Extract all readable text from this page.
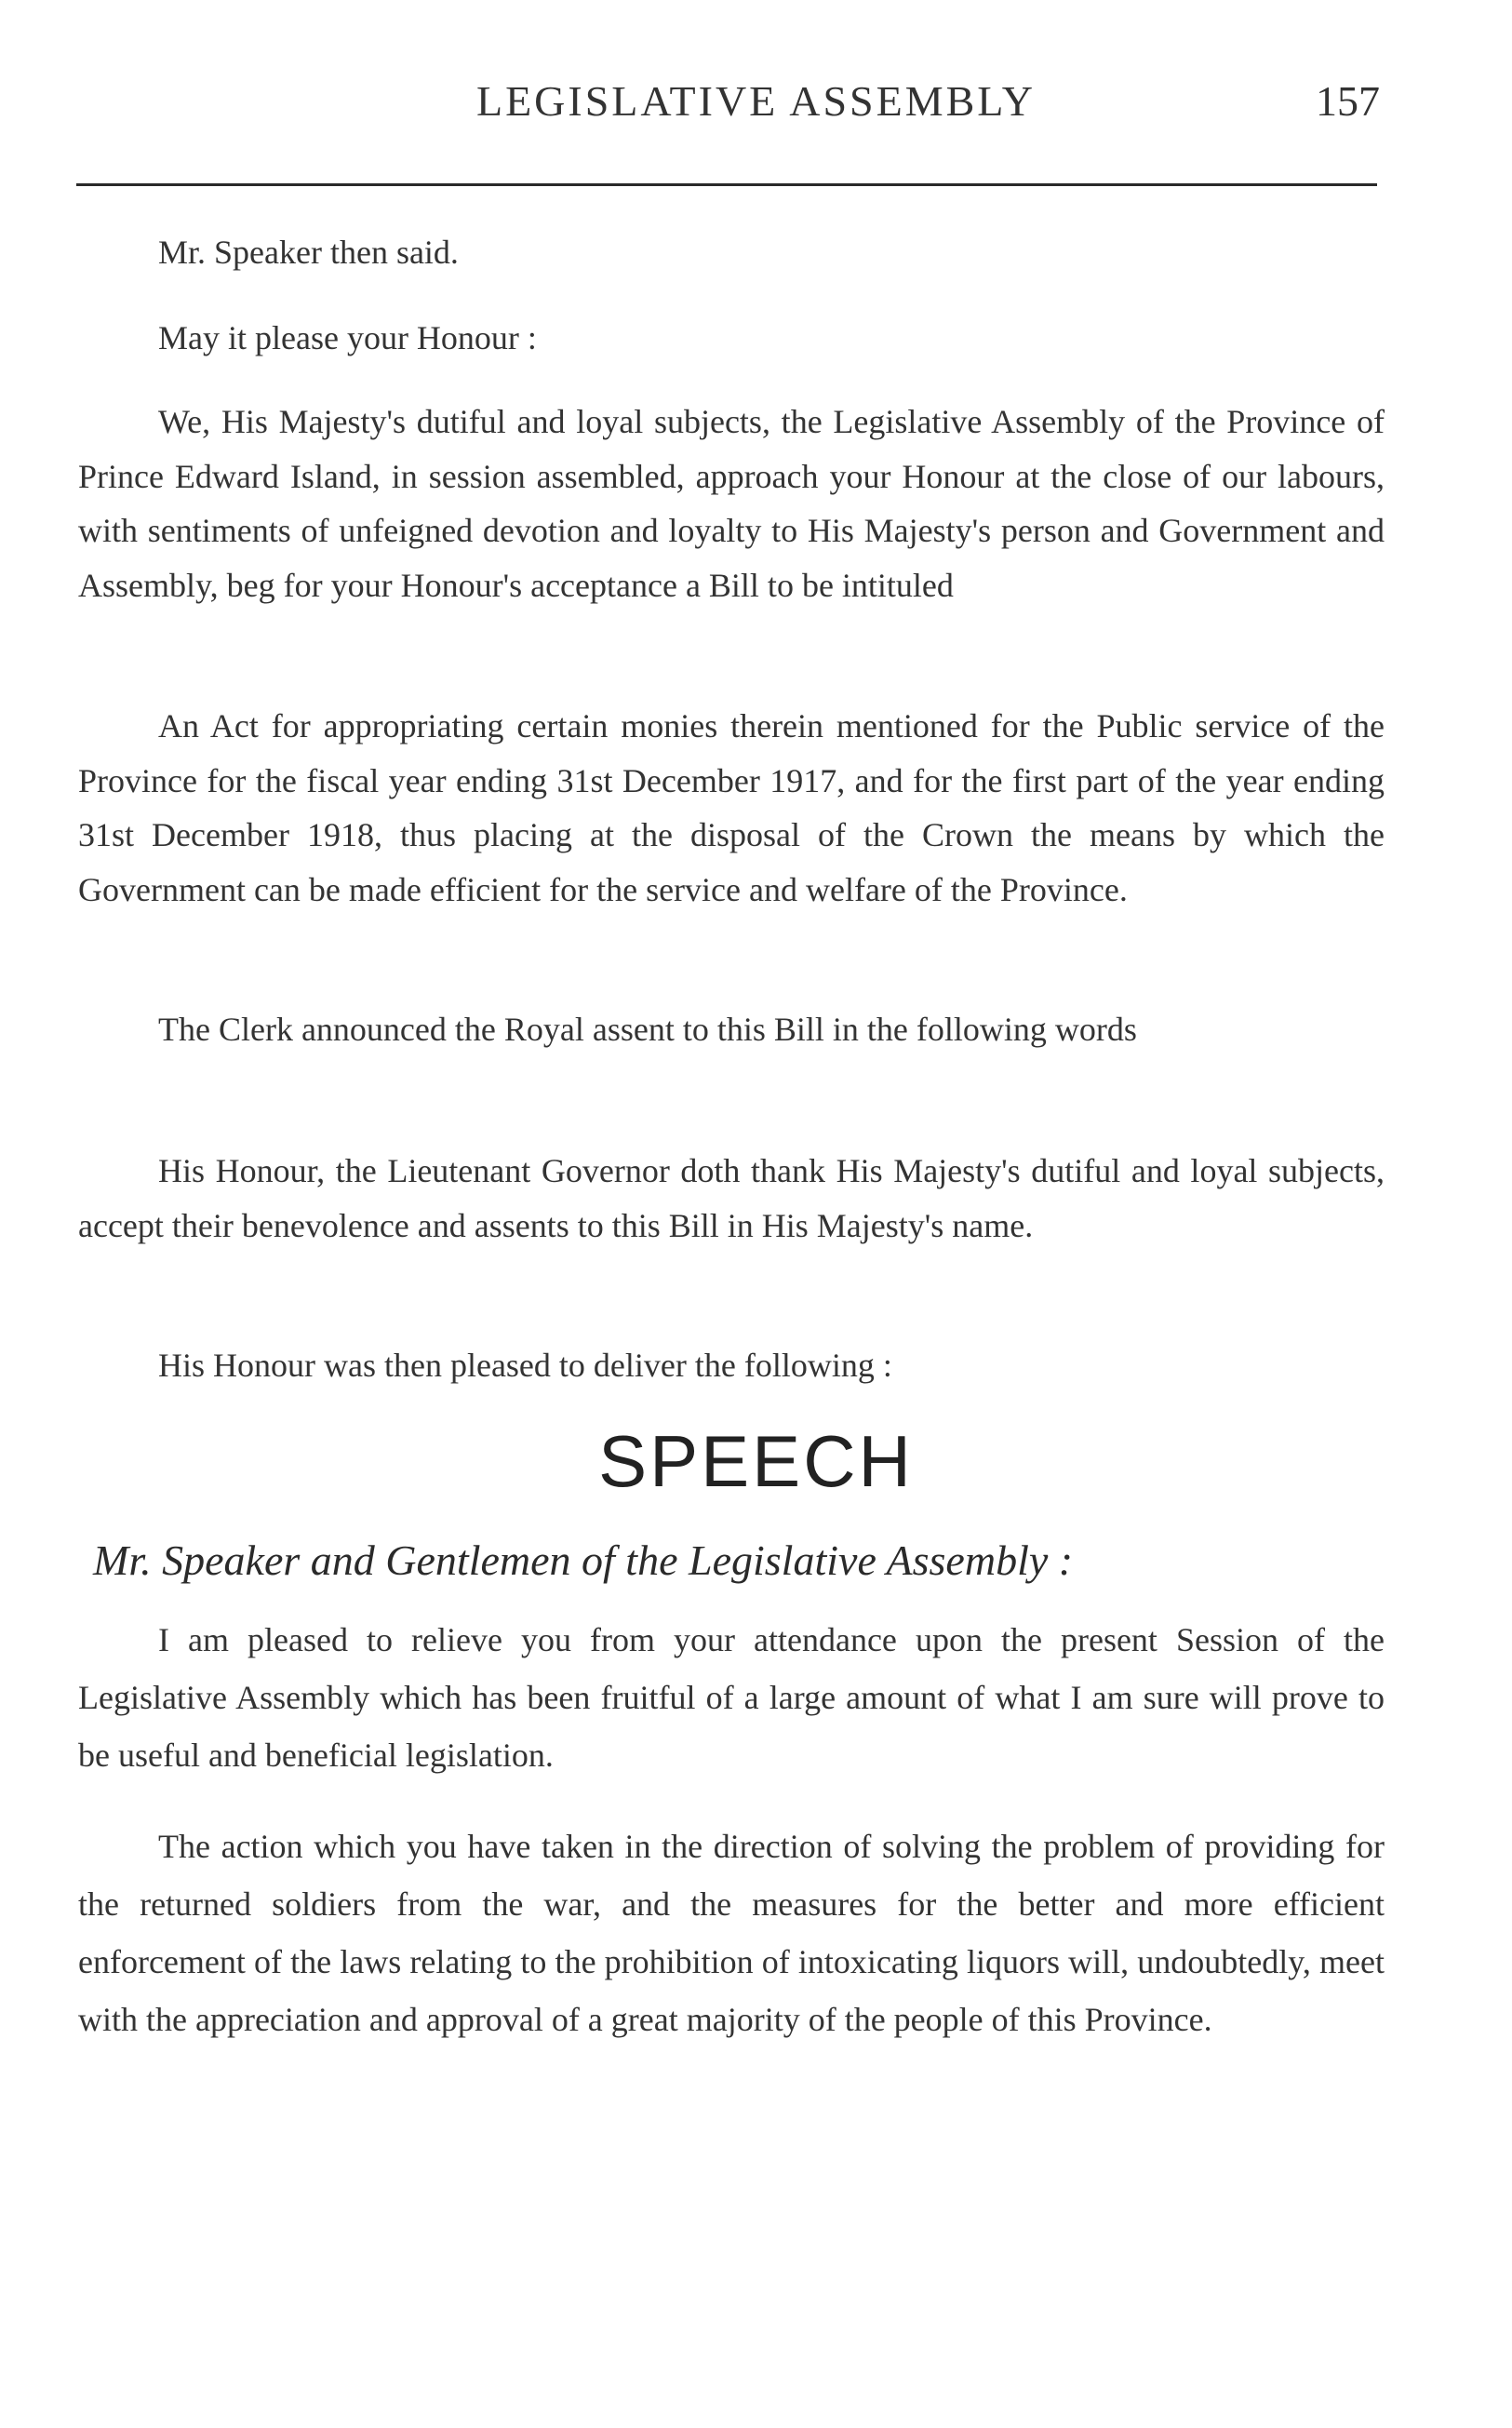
LEGISLATIVE ASSEMBLY	157

Mr. Speaker then said.

May it please your Honour :

We, His Majesty's dutiful and loyal subjects, the Legislative Assembly of the Province of Prince Edward Island, in session assembled, approach your Honour at the close of our labours, with sentiments of unfeigned devotion and loyalty to His Majesty's person and Government and Assembly, beg for your Honour's acceptance a Bill to be intituled

An Act for appropriating certain monies therein mentioned for the Public service of the Province for the fiscal year ending 31st December 1917, and for the first part of the year ending 31st December 1918, thus placing at the disposal of the Crown the means by which the Government can be made efficient for the service and welfare of the Province.

The Clerk announced the Royal assent to this Bill in the following words

His Honour, the Lieutenant Governor doth thank His Majesty's dutiful and loyal subjects, accept their benevolence and assents to this Bill in His Majesty's name.

His Honour was then pleased to deliver the following :

SPEECH
Mr. Speaker and Gentlemen of the Legislative Assembly :

I am pleased to relieve you from your attendance upon the present Session of the Legislative Assembly which has been fruitful of a large amount of what I am sure will prove to be useful and beneficial legislation.

The action which you have taken in the direction of solving the problem of providing for the returned soldiers from the war, and the measures for the better and more efficient enforcement of the laws relating to the prohibition of intoxicating liquors will, undoubtedly, meet with the appreciation and approval of a great majority of the people of this Province.
